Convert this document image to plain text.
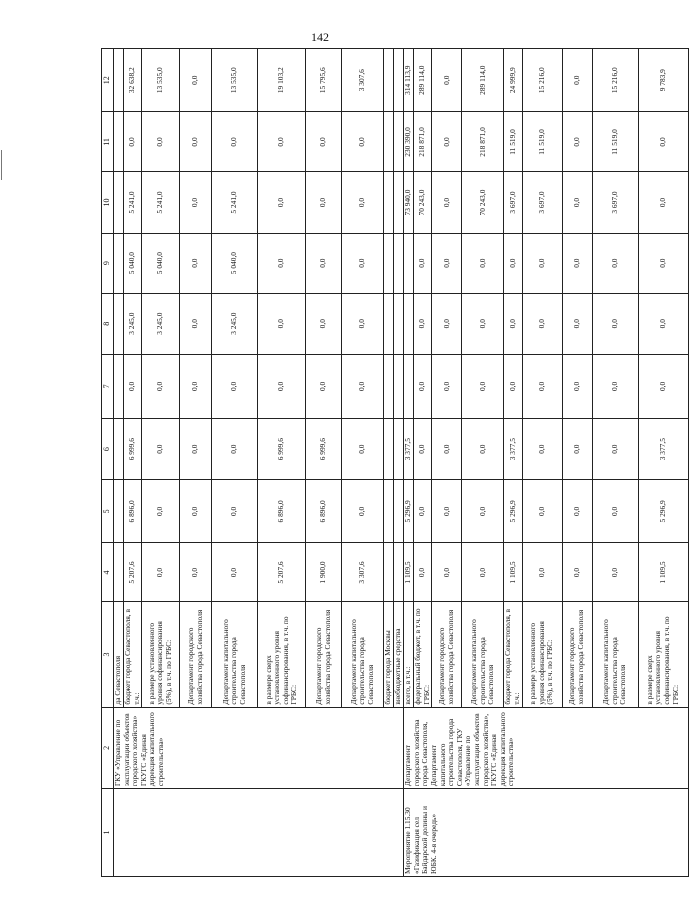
142
1	2	3	4	5	6	7	8	9	10	11	12
	ГКУ «Управление по эксплуатации объектов городского хозяйства» ГКУГС «Единая дирекция капитального строительства»	да Севастополя									
		бюджет города Севастополя, в т.ч.:	5 207,6	6 896,0	6 999,6	0,0	3 245,0	5 040,0	5 241,0	0,0	32 638,2
		в размере установленного уровня софинансирования (5%), в т.ч. по ГРБС:	0,0	0,0	0,0	0,0	3 245,0	5 040,0	5 241,0	0,0	13 535,0
		Департамент городского хозяйства города Севастополя	0,0	0,0	0,0	0,0	0,0	0,0	0,0	0,0	0,0
		Департамент капитального строительства города Севастополя	0,0	0,0	0,0	0,0	3 245,0	5 040,0	5 241,0	0,0	13 535,0
		в размере сверх установленного уровня софинансирования, в т.ч. по ГРБС:	5 207,6	6 896,0	6 999,6	0,0	0,0	0,0	0,0	0,0	19 103,2
		Департамент городского хозяйства города Севастополя	1 900,0	6 896,0	6 999,6	0,0	0,0	0,0	0,0	0,0	15 795,6
		Департамент капитального строительства города Севастополя	3 307,6	0,0	0,0	0,0	0,0	0,0	0,0	0,0	3 307,6
		бюджет города Москвы									
		внебюджетные средства									
Мероприятие 1.15.30 «Газификация сел Байдарской долины и ЮБК. 4-я очередь»	Департамент городского хозяйства города Севастополя, Департамент капитального строительства города Севастополя, ГКУ «Управление по эксплуатации объектов городского хозяйства», ГКУГС «Единая дирекция капитального строительства»	всего, в т.ч.:	1 109,5	5 296,9	3 377,5				73 940,0	230 390,0	314 113,9
		федеральный бюджет, в т.ч. по ГРБС:	0,0	0,0	0,0	0,0	0,0	0,0	70 243,0	218 871,0	289 114,0
		Департамент городского хозяйства города Севастополя	0,0	0,0	0,0	0,0	0,0	0,0	0,0	0,0	0,0
		Департамент капитального строительства города Севастополя	0,0	0,0	0,0	0,0	0,0	0,0	70 243,0	218 871,0	289 114,0
		бюджет города Севастополя, в т.ч.:	1 109,5	5 296,9	3 377,5	0,0	0,0	0,0	3 697,0	11 519,0	24 999,9
		в размере установленного уровня софинансирования (5%), в т.ч. по ГРБС:	0,0	0,0	0,0	0,0	0,0	0,0	3 697,0	11 519,0	15 216,0
		Департамент городского хозяйства города Севастополя	0,0	0,0	0,0	0,0	0,0	0,0	0,0	0,0	0,0
		Департамент капитального строительства города Севастополя	0,0	0,0	0,0	0,0	0,0	0,0	3 697,0	11 519,0	15 216,0
		в размере сверх установленного уровня софинансирования, в т.ч. по ГРБС:	1 109,5	5 296,9	3 377,5	0,0	0,0	0,0	0,0	0,0	9 783,9
